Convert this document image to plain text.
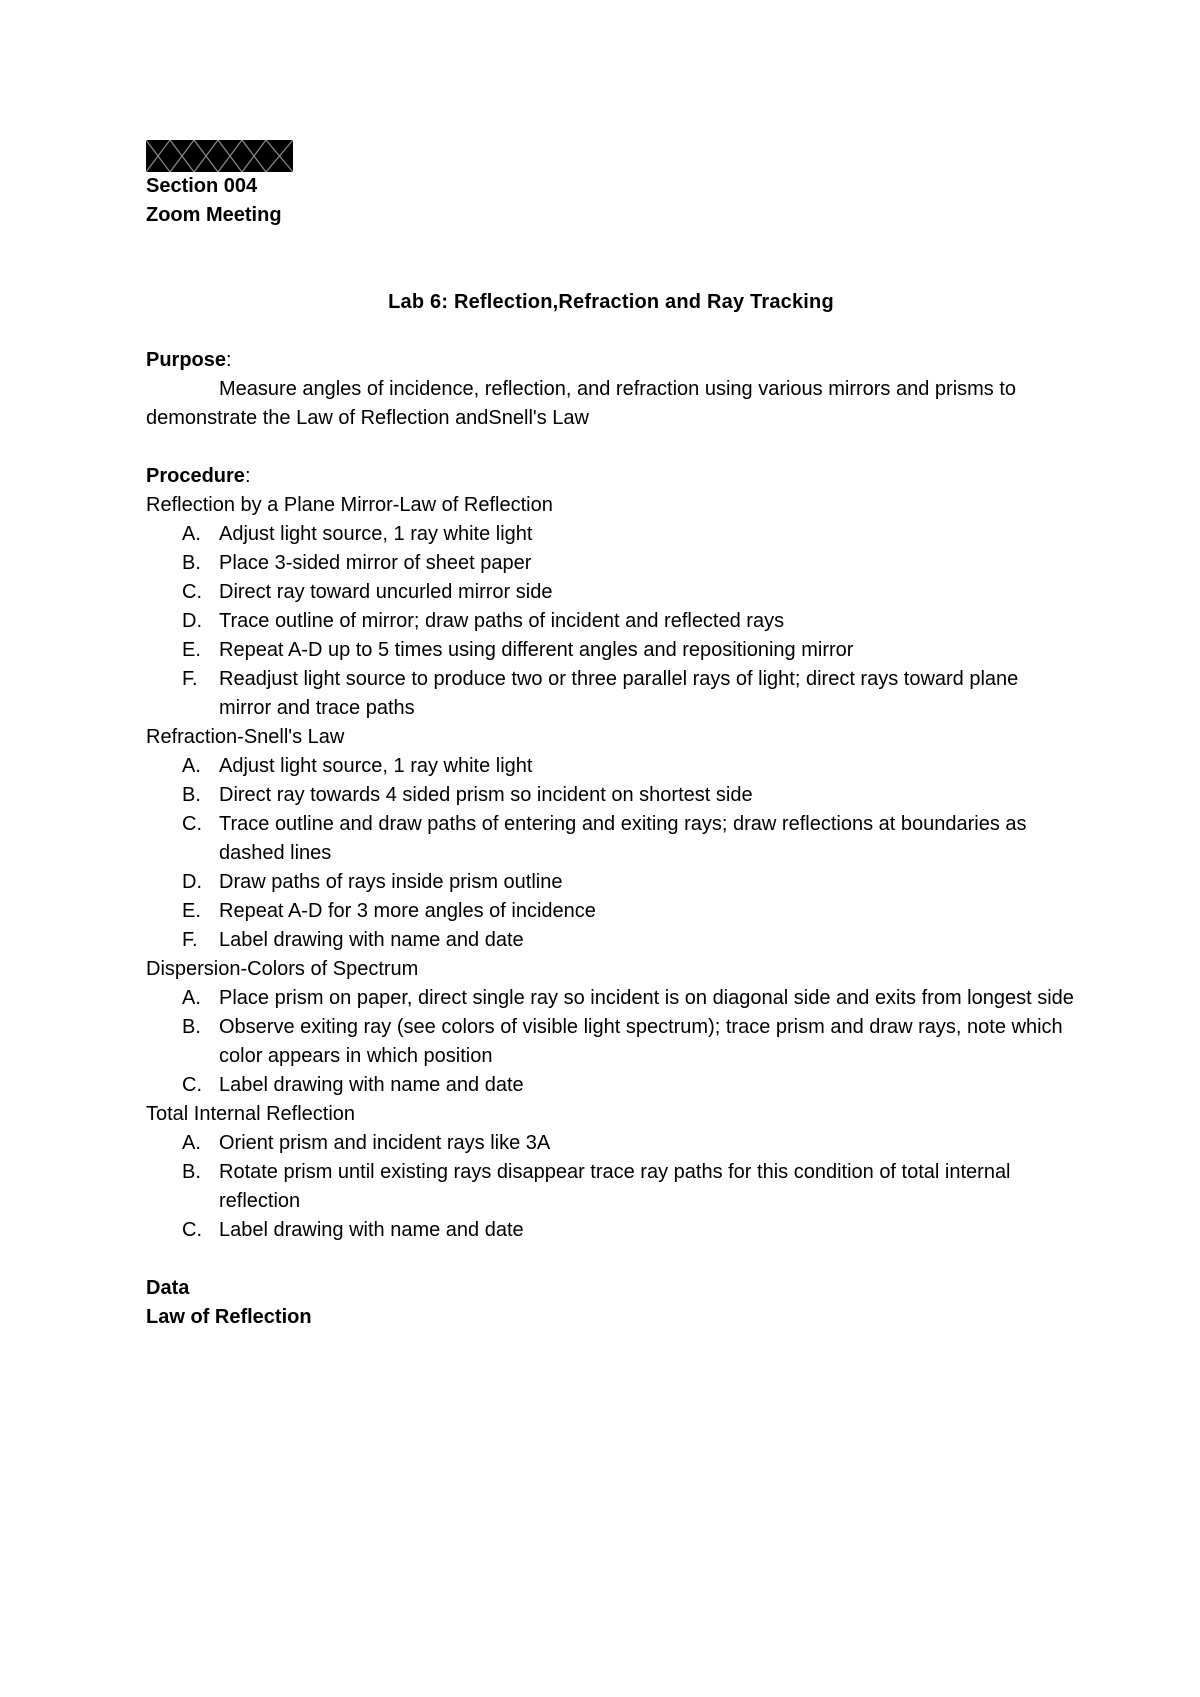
Section 004
Zoom Meeting
Lab 6: Reflection,Refraction and Ray Tracking
Purpose:
Measure angles of incidence, reflection, and refraction using various mirrors and prisms to demonstrate the Law of Reflection andSnell's Law
Procedure:
Reflection by a Plane Mirror-Law of Reflection
A. Adjust light source, 1 ray white light
B. Place 3-sided mirror of sheet paper
C. Direct ray toward uncurled mirror side
D. Trace outline of mirror; draw paths of incident and reflected rays
E. Repeat A-D up to 5 times using different angles and repositioning mirror
F. Readjust light source to produce two or three parallel rays of light; direct rays toward plane mirror and trace paths
Refraction-Snell's Law
A. Adjust light source, 1 ray white light
B. Direct ray towards 4 sided prism so incident on shortest side
C. Trace outline and draw paths of entering and exiting rays; draw reflections at boundaries as dashed lines
D. Draw paths of rays inside prism outline
E. Repeat A-D for 3 more angles of incidence
F. Label drawing with name and date
Dispersion-Colors of Spectrum
A. Place prism on paper, direct single ray so incident is on diagonal side and exits from longest side
B. Observe exiting ray (see colors of visible light spectrum); trace prism and draw rays, note which color appears in which position
C. Label drawing with name and date
Total Internal Reflection
A. Orient prism and incident rays like 3A
B. Rotate prism until existing rays disappear trace ray paths for this condition of total internal reflection
C. Label drawing with name and date
Data
Law of Reflection
